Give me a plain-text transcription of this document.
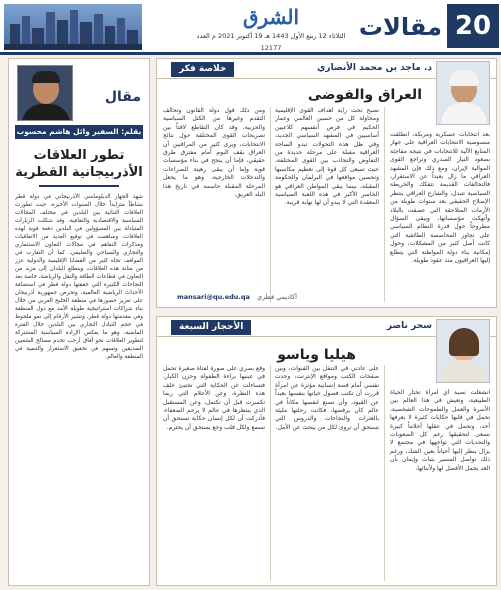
الشرق
الثلاثاء 12 ربيع الأول 1443 هـ 19 أكتوبر 2021 م العدد 12177
مقالات 20
مقال
بقلم: السفير وائل هاشم محسوب
تطور العلاقات الأذربيجانية القطرية
شهد الجهاز الدبلوماسي الأذربيجاني في دولة قطر نشاطاً متزايداً خلال السنوات الأخيرة، حيث تطورت العلاقات الثنائية بين البلدين في مختلف المجالات السياسية والاقتصادية والثقافية، وقد شكلت الزيارات المتبادلة بين المسؤولين في البلدين دفعة قوية لهذه العلاقات، وساهمت في توقيع العديد من الاتفاقيات ومذكرات التفاهم في مجالات التعاون الاستثماري والتجاري والسياحي والتعليمي، كما أن التقارب في المواقف تجاه كثير من القضايا الإقليمية والدولية عزز من متانة هذه العلاقات، ويتطلع البلدان إلى مزيد من التعاون في قطاعات الطاقة والنقل والرياضة، خاصة بعد النجاحات الكبيرة التي حققتها دولة قطر في استضافة الأحداث الرياضية العالمية، وتحرص جمهورية أذربيجان على تعزيز حضورها في منطقة الخليج العربي من خلال بناء شراكات استراتيجية طويلة الأمد مع دول المنطقة وفي مقدمتها دولة قطر، وتشير الأرقام إلى نمو ملحوظ في حجم التبادل التجاري بين البلدين خلال الفترة الماضية، وهو ما يعكس الإرادة السياسية المشتركة لتطوير العلاقات نحو آفاق أرحب تخدم مصالح الشعبين الصديقين وتسهم في تحقيق الاستقرار والتنمية في المنطقة والعالم.
خلاصة فكر	د. ماجد بن محمد الأنصاري
العراق والفوضى
بعد انتخابات عسكرية ومربكة، انطلقت منصوصية الانتخابات العراقية على جهاز المتابع الآلية للانتخابات في نتيجة مفاجئة بصعود التيار الصدري وتراجع القوى الموالية لإيران، ومع ذلك فإن المشهد العراقي ما زال بعيداً عن الاستقرار، فالتحالفات القديمة تتفكك والخريطة السياسية تتبدل، والشارع العراقي ينتظر الإصلاح الحقيقي بعد سنوات طويلة من الأزمات المتلاحقة التي عصفت بالبلاد وأنهكت مؤسساتها، ويبقى السؤال مطروحاً حول قدرة النظام السياسي على تجاوز المحاصصة الطائفية التي كانت أصل كثير من المشكلات، وحول إمكانية بناء دولة المواطنة التي يتطلع إليها العراقيون منذ عقود طويلة.
تصبح تحت راية أهداف القوى الإقليمية ومحاولة كل من حسين العالمي وعمار الحكيم في فرض أنفسهم كلاعبين أساسيين في المشهد السياسي الجديد، وفي ظل هذه التحولات تبدو الساحة العراقية مقبلة على مرحلة جديدة من التفاوض والتجاذب بين القوى المختلفة، حيث تسعى كل قوة إلى تعظيم مكاسبها وتحصين مواقعها في البرلمان والحكومة المقبلة، بينما يبقى المواطن العراقي هو الخاسر الأكبر في هذه اللعبة السياسية المعقدة التي لا يبدو أن لها نهاية قريبة.
ومن ذلك قول دولة القانون وتحالف التقدم وغيرها من الكتل السياسية والحزبية، وقد كان التقاطع لافتاً بين تصريحات القوى المختلفة حول نتائج الانتخابات، ويرى كثير من المراقبين أن العراق يقف اليوم أمام مفترق طرق حقيقي، فإما أن ينجح في بناء مؤسسات قوية وإما أن يبقى رهينة للصراعات والتدخلات الخارجية، وهو ما يجعل المرحلة المقبلة حاسمة في تاريخ هذا البلد العريق.
mansari@qu.edu.qa أكاديمي قطري
الأحجار السبعة	سحر ناصر
هيليا وياسو
انشغلت نصية أي امرأة تختار الحياة الطبيعية، وتعيش في هذا العالم بين الأسرة والعمل والطموحات الشخصية، تحمل في قلبها حكايات كثيرة لا يعرفها أحد، وتحمل في عقلها أحلاماً كبيرة تسعى لتحقيقها رغم كل الصعوبات والتحديات التي تواجهها في مجتمع لا يزال ينظر إليها أحياناً بعين الشك، ورغم ذلك تواصل المسير بثبات وإيمان بأن الغد يحمل الأفضل لها ولأبنائها.
على عادتي في التنقل بين القنوات، وبين صفحات الكتب ومواقع الإنترنت، وجدت نفسي أمام قصة إنسانية مؤثرة عن امرأة قررت أن تكتب فصول حياتها بنفسها بعيداً عن القيود، وأن تصنع لنفسها مكاناً في عالم كان يرفضها، فكانت رحلتها مليئة بالعثرات والنجاحات والدروس التي تستحق أن تروى لكل من يبحث عن الأمل.
وقع بصري على صورة لفتاة صغيرة تحمل في عينيها براءة الطفولة وحزن الكبار، فتساءلت عن الحكاية التي تختبئ خلف هذه النظرة، وعن الأحلام التي ربما تكسرت قبل أن تكتمل، وعن المستقبل الذي ينتظرها في عالم لا يرحم الضعفاء، فأدركت أن لكل إنسان حكاية تستحق أن تسمع ولكل قلب وجع يستحق أن يحترم.
